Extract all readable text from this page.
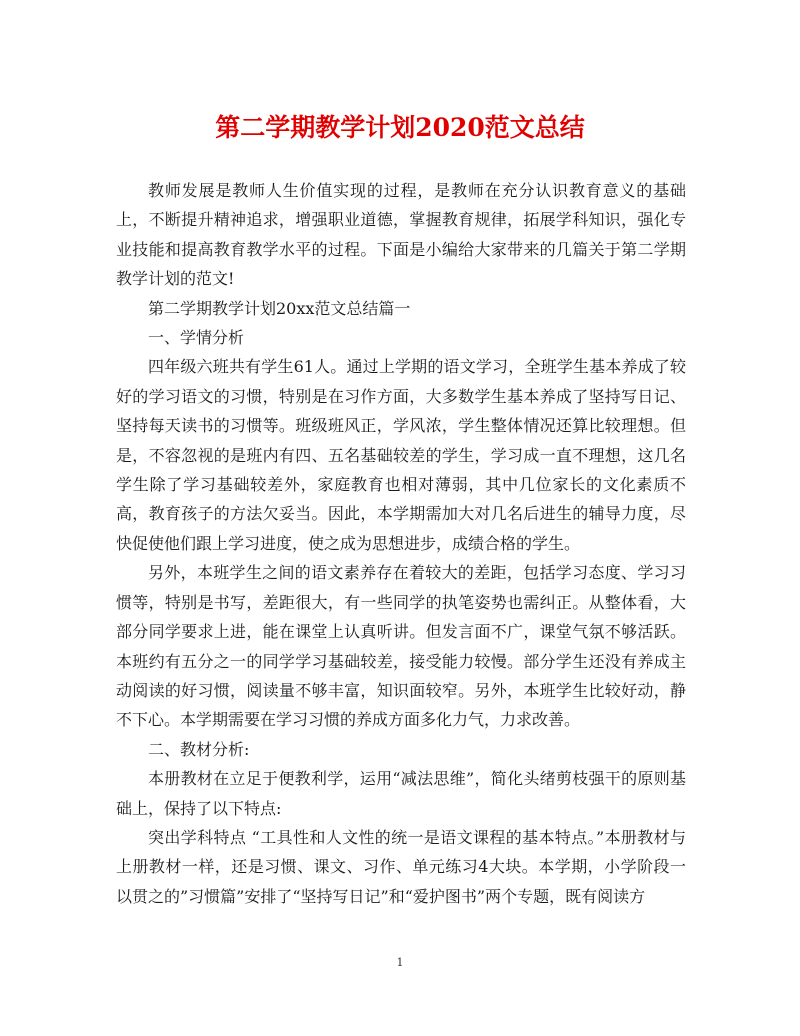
第二学期教学计划2020范文总结

教师发展是教师人生价值实现的过程，是教师在充分认识教育意义的基础上，不断提升精神追求，增强职业道德，掌握教育规律，拓展学科知识，强化专业技能和提高教育教学水平的过程。下面是小编给大家带来的几篇关于第二学期教学计划的范文!

第二学期教学计划20xx范文总结篇一

一、学情分析

四年级六班共有学生61人。通过上学期的语文学习，全班学生基本养成了较好的学习语文的习惯，特别是在习作方面，大多数学生基本养成了坚持写日记、坚持每天读书的习惯等。班级班风正，学风浓，学生整体情况还算比较理想。但是，不容忽视的是班内有四、五名基础较差的学生，学习成一直不理想，这几名学生除了学习基础较差外，家庭教育也相对薄弱，其中几位家长的文化素质不高，教育孩子的方法欠妥当。因此，本学期需加大对几名后进生的辅导力度，尽快促使他们跟上学习进度，使之成为思想进步，成绩合格的学生。

另外，本班学生之间的语文素养存在着较大的差距，包括学习态度、学习习惯等，特别是书写，差距很大，有一些同学的执笔姿势也需纠正。从整体看，大部分同学要求上进，能在课堂上认真听讲。但发言面不广，课堂气氛不够活跃。本班约有五分之一的同学学习基础较差，接受能力较慢。部分学生还没有养成主动阅读的好习惯，阅读量不够丰富，知识面较窄。另外，本班学生比较好动，静不下心。本学期需要在学习习惯的养成方面多化力气，力求改善。

二、教材分析:

本册教材在立足于便教利学，运用“减法思维”，简化头绪剪枝强干的原则基础上，保持了以下特点:

突出学科特点 “工具性和人文性的统一是语文课程的基本特点。”本册教材与上册教材一样，还是习惯、课文、习作、单元练习4大块。本学期，小学阶段一以贯之的”习惯篇”安排了“坚持写日记”和“爱护图书”两个专题，既有阅读方

1
